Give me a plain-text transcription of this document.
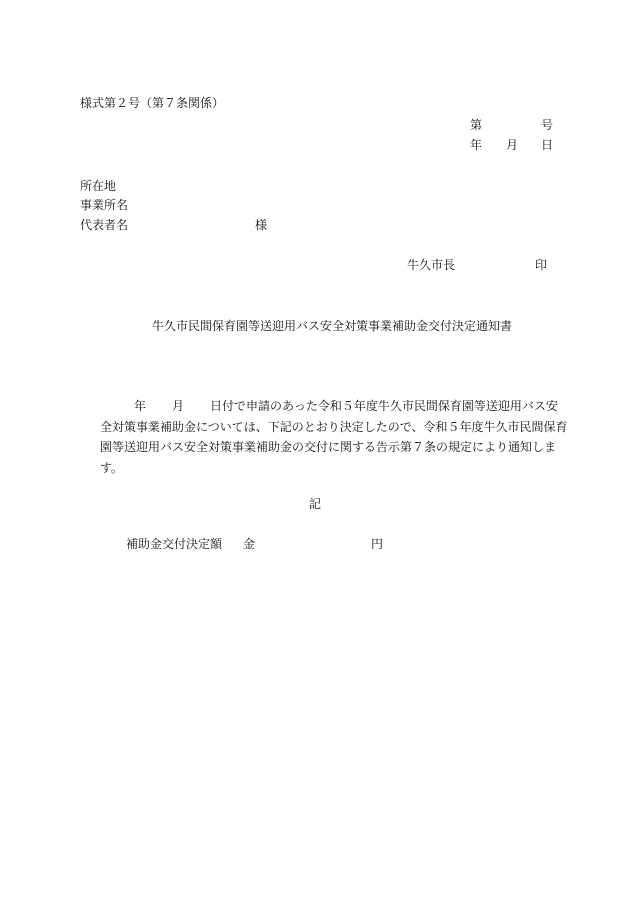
様式第２号（第７条関係）
第	号
年 月 日
所在地
事業所名
代表者名	様
牛久市長	印
牛久市民間保育園等送迎用バス安全対策事業補助金交付決定通知書
年 月 日付で申請のあった令和５年度牛久市民間保育園等送迎用バス安
全対策事業補助金については、下記のとおり決定したので、令和５年度牛久市民間保育
園等送迎用バス安全対策事業補助金の交付に関する告示第７条の規定により通知しま
す。
記
補助金交付決定額 金	円
